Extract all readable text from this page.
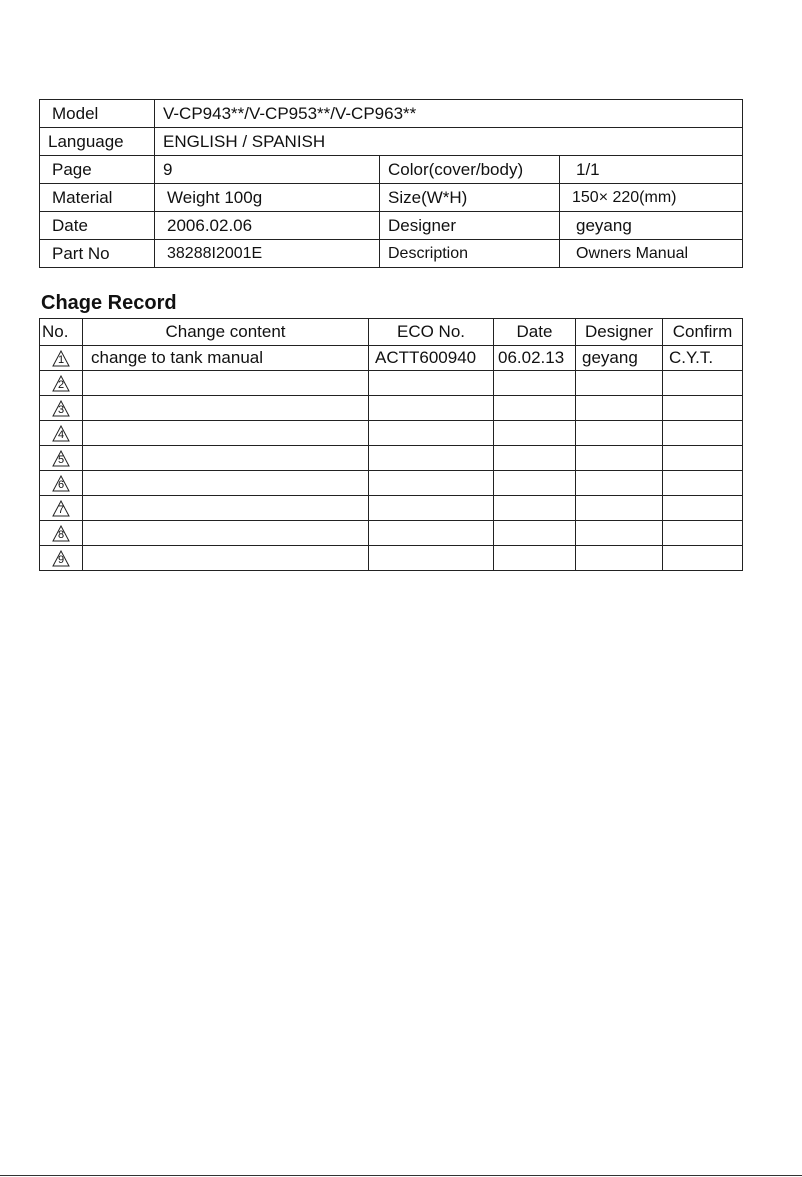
Model	V-CP943**/V-CP953**/V-CP963**		
Language	ENGLISH / SPANISH		
Page	9	Color(cover/body)	1/1
Material	Weight 100g	Size(W*H)	150× 220(mm)
Date	2006.02.06	Designer	geyang
Part No	38288I2001E	Description	Owners Manual
Chage Record
No.	Change content	ECO No.	Date	Designer	Confirm

1	change to tank manual	ACTT600940	06.02.13	geyang	C.Y.T.

2					

3					

4					

5					

6					

7					

8					

9					
